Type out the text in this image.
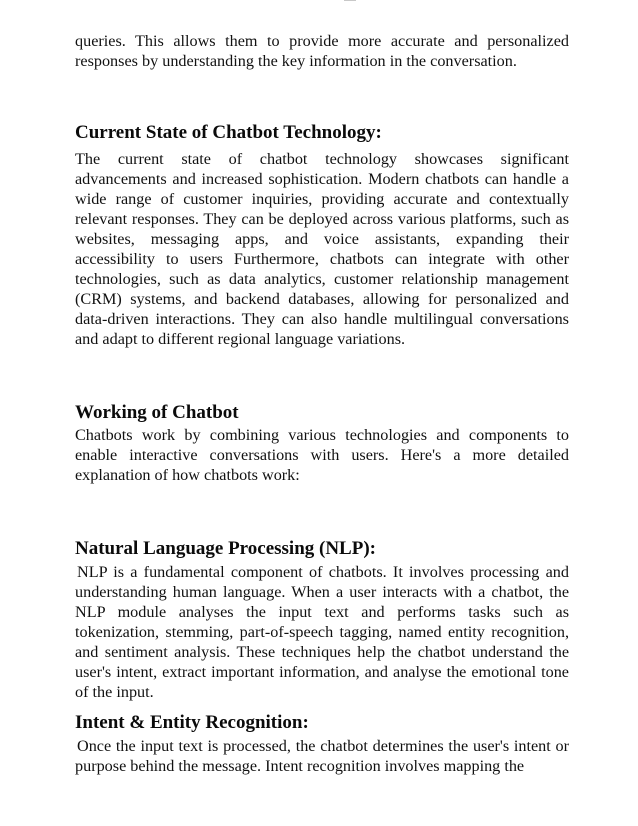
queries. This allows them to provide more accurate and personalized responses by understanding the key information in the conversation.

Current State of Chatbot Technology:

The current state of chatbot technology showcases significant advancements and increased sophistication. Modern chatbots can handle a wide range of customer inquiries, providing accurate and contextually relevant responses. They can be deployed across various platforms, such as websites, messaging apps, and voice assistants, expanding their accessibility to users Furthermore, chatbots can integrate with other technologies, such as data analytics, customer relationship management (CRM) systems, and backend databases, allowing for personalized and data-driven interactions. They can also handle multilingual conversations and adapt to different regional language variations.

Working of Chatbot

Chatbots work by combining various technologies and components to enable interactive conversations with users. Here's a more detailed explanation of how chatbots work:

Natural Language Processing (NLP):

NLP is a fundamental component of chatbots. It involves processing and understanding human language. When a user interacts with a chatbot, the NLP module analyses the input text and performs tasks such as tokenization, stemming, part-of-speech tagging, named entity recognition, and sentiment analysis. These techniques help the chatbot understand the user's intent, extract important information, and analyse the emotional tone of the input.

Intent & Entity Recognition:

Once the input text is processed, the chatbot determines the user's intent or purpose behind the message. Intent recognition involves mapping the
